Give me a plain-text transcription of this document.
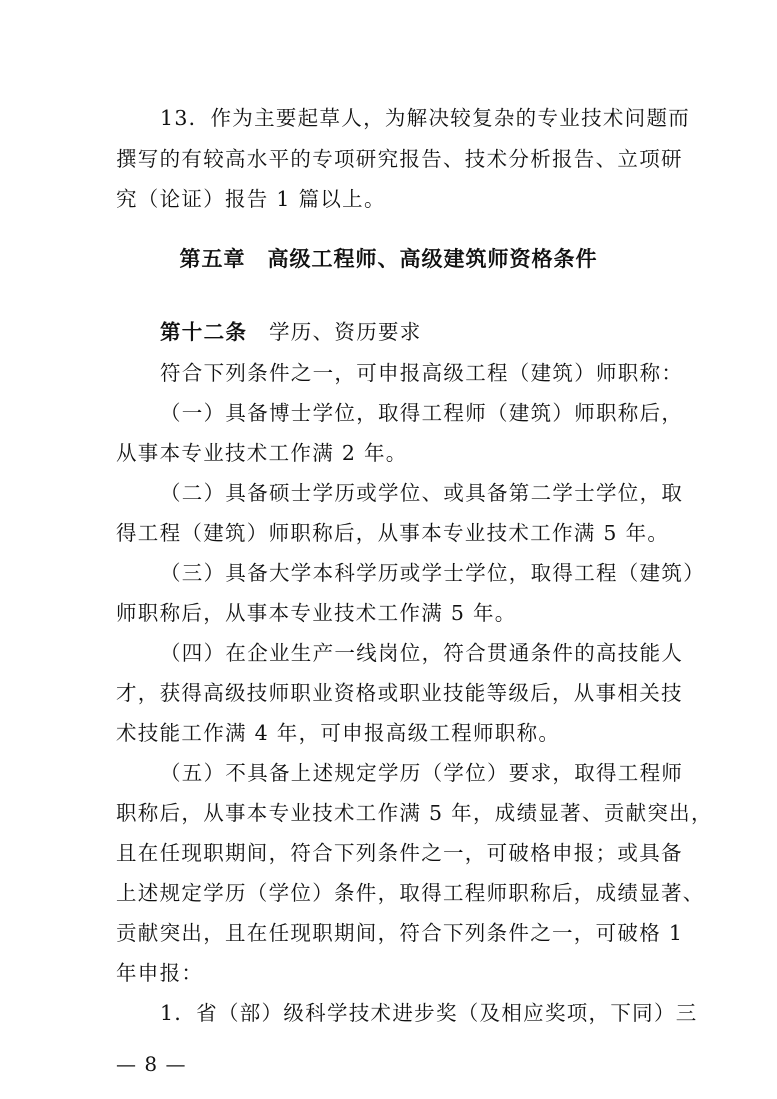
13．作为主要起草人，为解决较复杂的专业技术问题而
撰写的有较高水平的专项研究报告、技术分析报告、立项研
究（论证）报告 1 篇以上。
第五章　高级工程师、高级建筑师资格条件
第十二条　学历、资历要求
符合下列条件之一，可申报高级工程（建筑）师职称：
（一）具备博士学位，取得工程师（建筑）师职称后，
从事本专业技术工作满 2 年。
（二）具备硕士学历或学位、或具备第二学士学位，取
得工程（建筑）师职称后，从事本专业技术工作满 5 年。
（三）具备大学本科学历或学士学位，取得工程（建筑）
师职称后，从事本专业技术工作满 5 年。
（四）在企业生产一线岗位，符合贯通条件的高技能人
才，获得高级技师职业资格或职业技能等级后，从事相关技
术技能工作满 4 年，可申报高级工程师职称。
（五）不具备上述规定学历（学位）要求，取得工程师
职称后，从事本专业技术工作满 5 年，成绩显著、贡献突出，
且在任现职期间，符合下列条件之一，可破格申报；或具备
上述规定学历（学位）条件，取得工程师职称后，成绩显著、
贡献突出，且在任现职期间，符合下列条件之一，可破格 1
年申报：
1．省（部）级科学技术进步奖（及相应奖项，下同）三
— 8 —
